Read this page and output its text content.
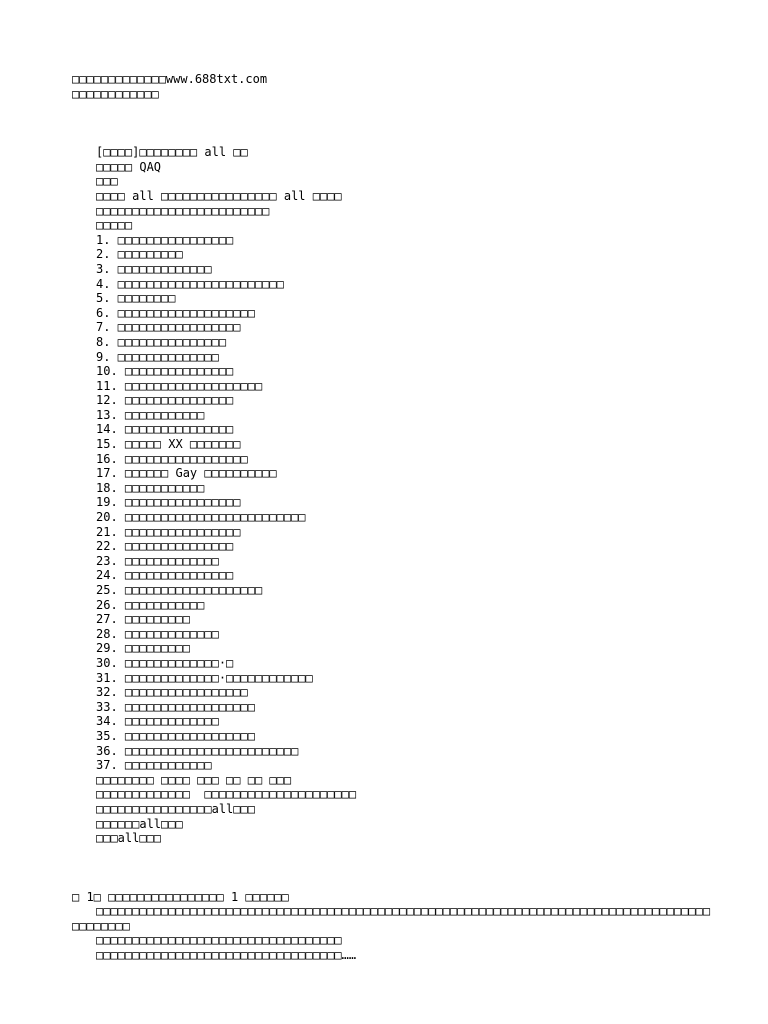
□□□□□□□□□□□□□www.688txt.com
□□□□□□□□□□□□
[□□□□]□□□□□□□□ all □□
□□□□□ QAQ
□□□
□□□□ all □□□□□□□□□□□□□□□□ all □□□□
□□□□□□□□□□□□□□□□□□□□□□□□
□□□□□
1. □□□□□□□□□□□□□□□□
2. □□□□□□□□□
3. □□□□□□□□□□□□□
4. □□□□□□□□□□□□□□□□□□□□□□□
5. □□□□□□□□
6. □□□□□□□□□□□□□□□□□□□
7. □□□□□□□□□□□□□□□□□
8. □□□□□□□□□□□□□□□
9. □□□□□□□□□□□□□□
10. □□□□□□□□□□□□□□□
11. □□□□□□□□□□□□□□□□□□□
12. □□□□□□□□□□□□□□□
13. □□□□□□□□□□□
14. □□□□□□□□□□□□□□□
15. □□□□□ XX □□□□□□□
16. □□□□□□□□□□□□□□□□□
17. □□□□□□ Gay □□□□□□□□□□
18. □□□□□□□□□□□
19. □□□□□□□□□□□□□□□□
20. □□□□□□□□□□□□□□□□□□□□□□□□□
21. □□□□□□□□□□□□□□□□
22. □□□□□□□□□□□□□□□
23. □□□□□□□□□□□□□
24. □□□□□□□□□□□□□□□
25. □□□□□□□□□□□□□□□□□□□
26. □□□□□□□□□□□
27. □□□□□□□□□
28. □□□□□□□□□□□□□
29. □□□□□□□□□
30. □□□□□□□□□□□□□·□
31. □□□□□□□□□□□□□·□□□□□□□□□□□□
32. □□□□□□□□□□□□□□□□□
33. □□□□□□□□□□□□□□□□□□
34. □□□□□□□□□□□□□
35. □□□□□□□□□□□□□□□□□□
36. □□□□□□□□□□□□□□□□□□□□□□□□
37. □□□□□□□□□□□□
□□□□□□□□ □□□□ □□□ □□ □□ □□□
□□□□□□□□□□□□□  □□□□□□□□□□□□□□□□□□□□□
□□□□□□□□□□□□□□□□all□□□
□□□□□□all□□□
□□□all□□□
□ 1□ □□□□□□□□□□□□□□□□ 1 □□□□□□
□□□□□□□□□□□□□□□□□□□□□□□□□□□□□□□□□□□□□□□□□□□□□□□□□□□□□□□□□□□□□□□□□□□□□□□□□□□□□□□□□□□□□□□□□□□□□
□□□□□□□□□□□□□□□□□□□□□□□□□□□□□□□□□□
□□□□□□□□□□□□□□□□□□□□□□□□□□□□□□□□□□……
